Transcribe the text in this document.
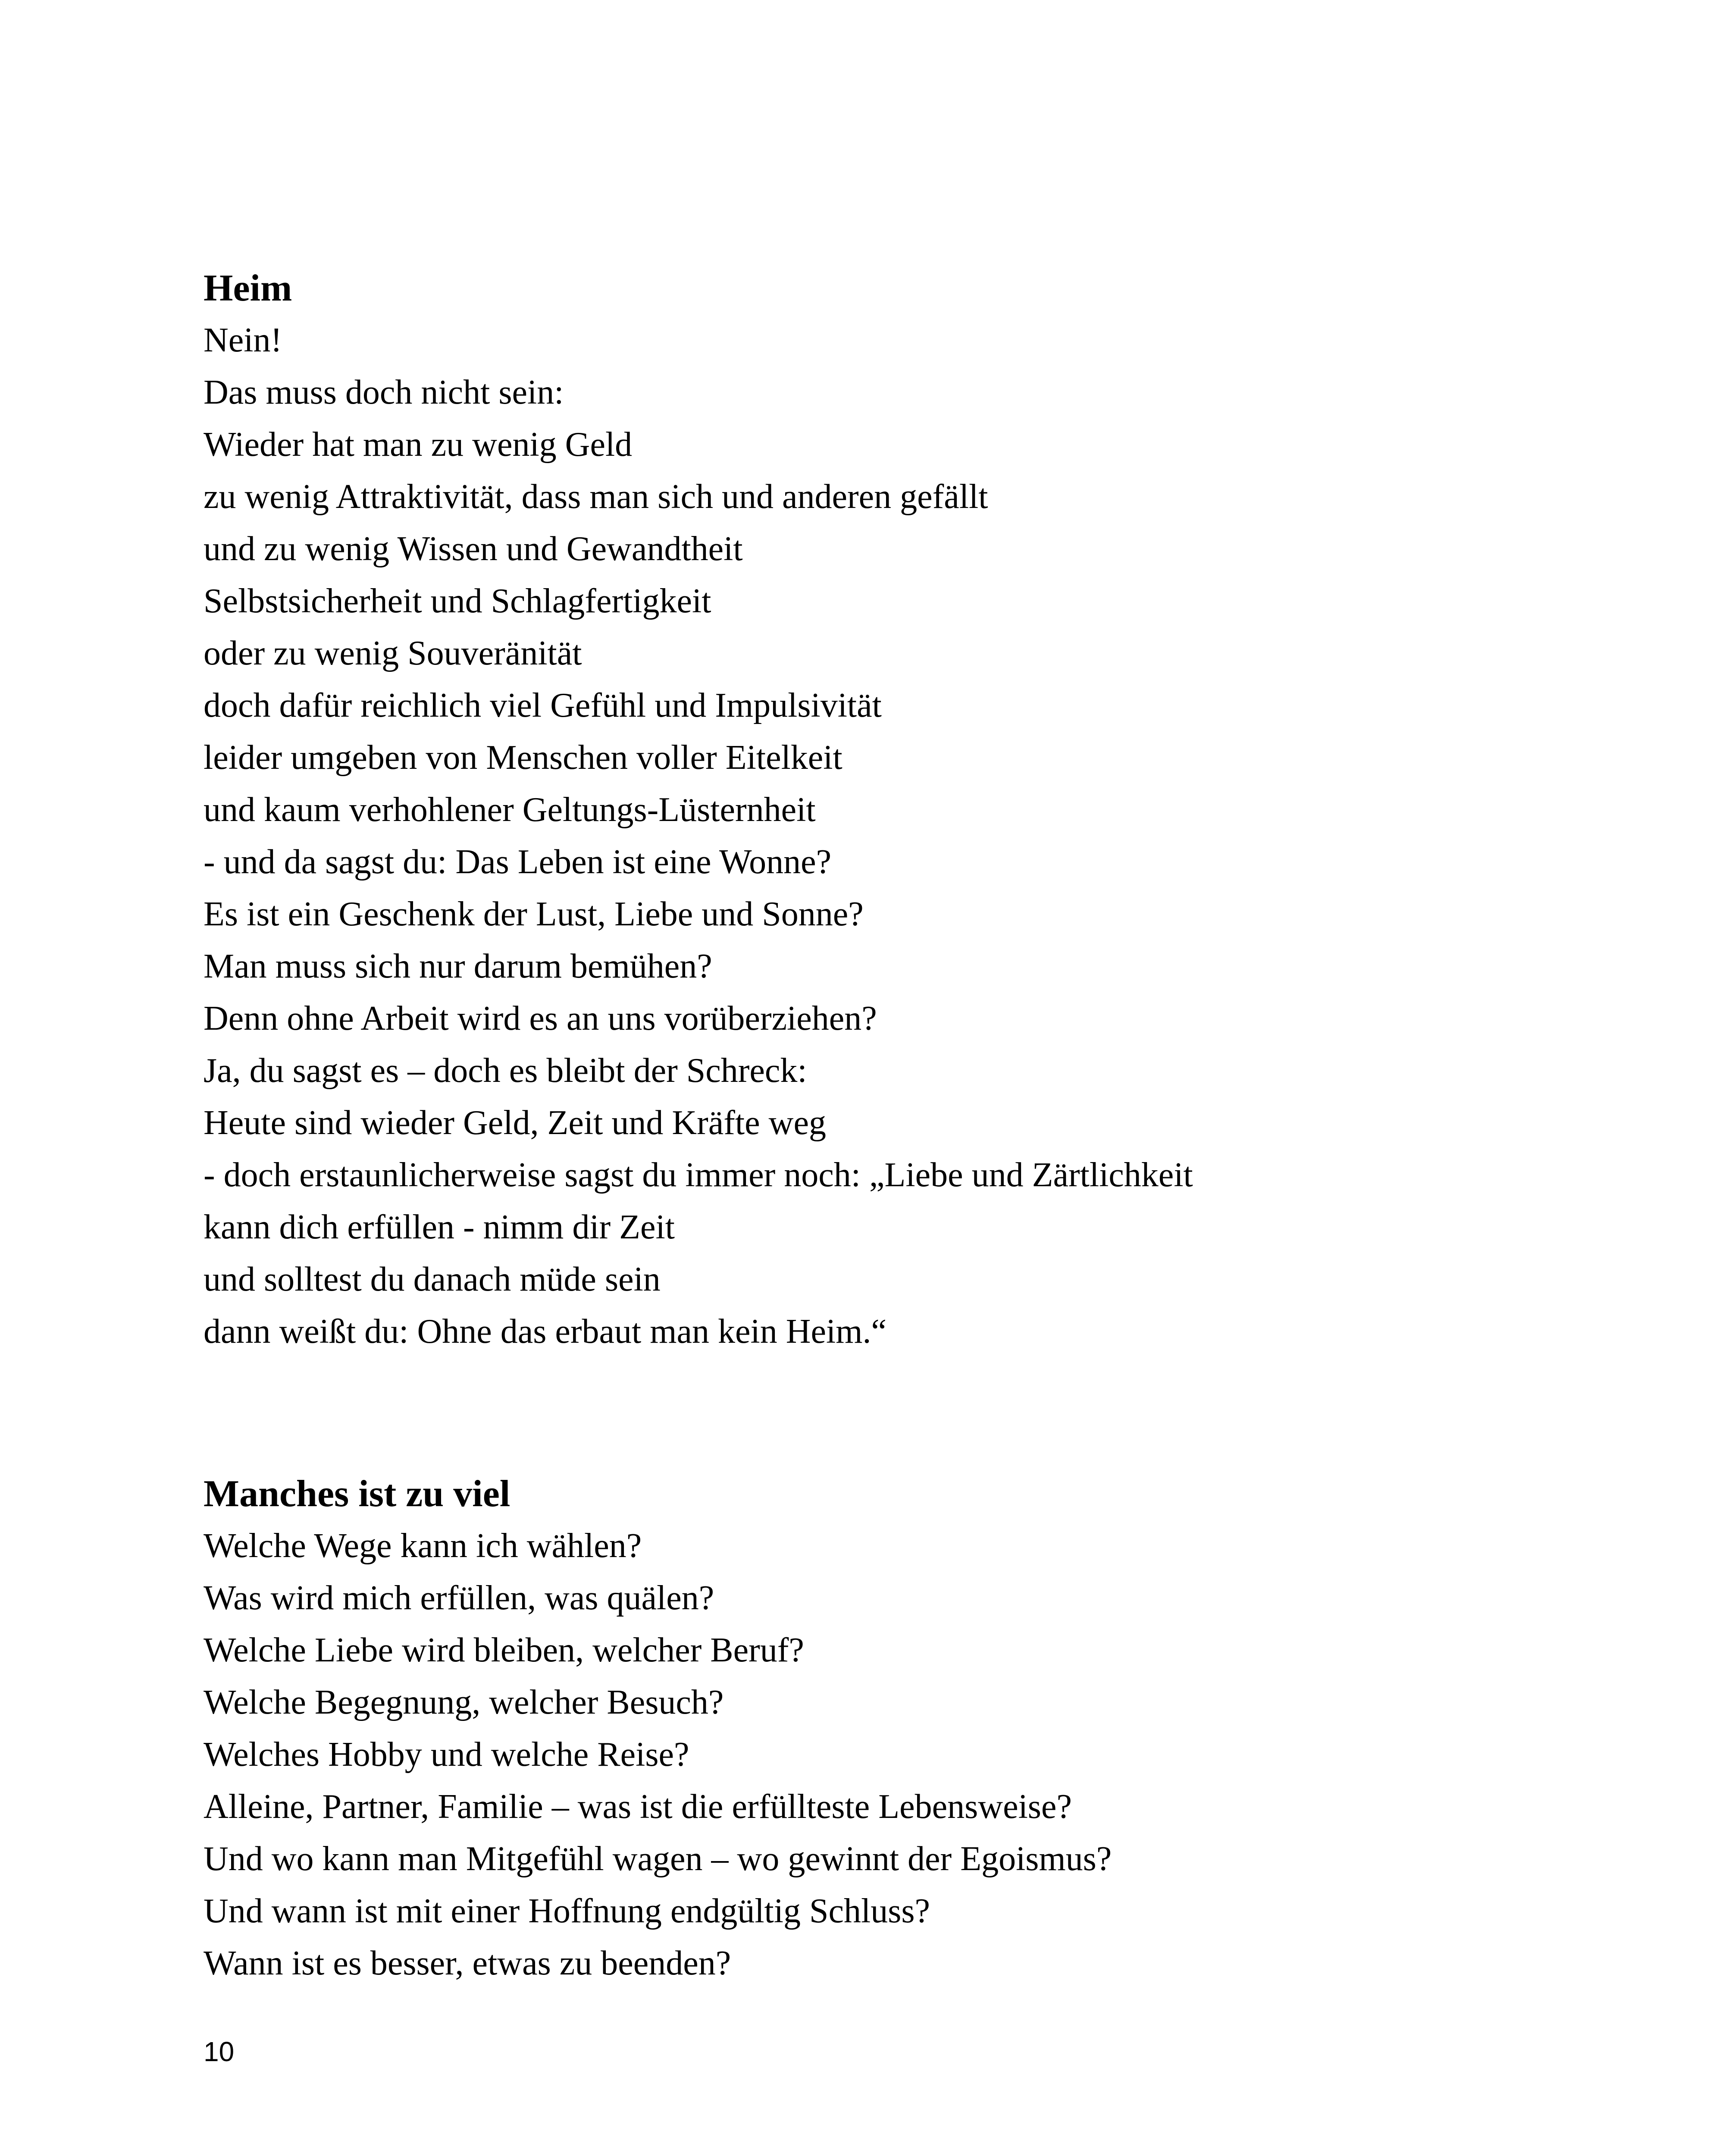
Heim
Nein!
Das muss doch nicht sein:
Wieder hat man zu wenig Geld
zu wenig Attraktivität, dass man sich und anderen gefällt
und zu wenig Wissen und Gewandtheit
Selbstsicherheit und Schlagfertigkeit
oder zu wenig Souveränität
doch dafür reichlich viel Gefühl und Impulsivität
leider umgeben von Menschen voller Eitelkeit
und kaum verhohlener Geltungs-Lüsternheit
- und da sagst du: Das Leben ist eine Wonne?
Es ist ein Geschenk der Lust, Liebe und Sonne?
Man muss sich nur darum bemühen?
Denn ohne Arbeit wird es an uns vorüberziehen?
Ja, du sagst es – doch es bleibt der Schreck:
Heute sind wieder Geld, Zeit und Kräfte weg
- doch erstaunlicherweise sagst du immer noch: „Liebe und Zärtlichkeit
kann dich erfüllen - nimm dir Zeit
und solltest du danach müde sein
dann weißt du: Ohne das erbaut man kein Heim.“
Manches ist zu viel
Welche Wege kann ich wählen?
Was wird mich erfüllen, was quälen?
Welche Liebe wird bleiben, welcher Beruf?
Welche Begegnung, welcher Besuch?
Welches Hobby und welche Reise?
Alleine, Partner, Familie – was ist die erfüllteste Lebensweise?
Und wo kann man Mitgefühl wagen – wo gewinnt der Egoismus?
Und wann ist mit einer Hoffnung endgültig Schluss?
Wann ist es besser, etwas zu beenden?
10
